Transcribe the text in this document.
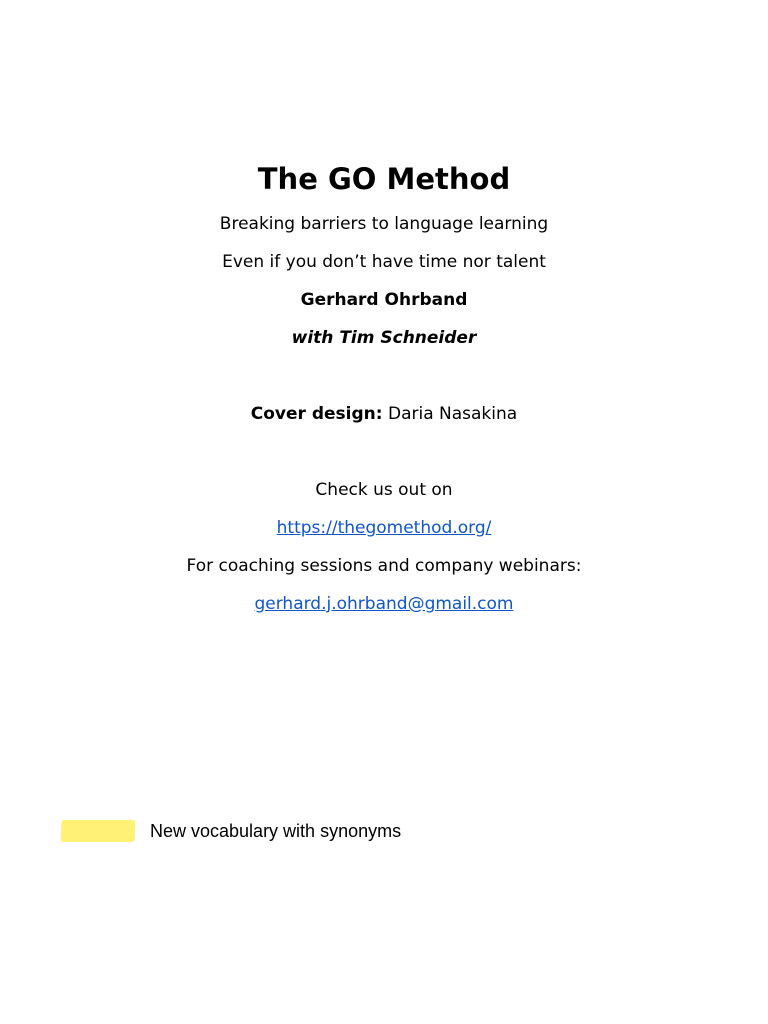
The GO Method
Breaking barriers to language learning
Even if you don’t have time nor talent
Gerhard Ohrband
with Tim Schneider
Cover design: Daria Nasakina
Check us out on
https://thegomethod.org/
For coaching sessions and company webinars:
gerhard.j.ohrband@gmail.com
New vocabulary with synonyms
